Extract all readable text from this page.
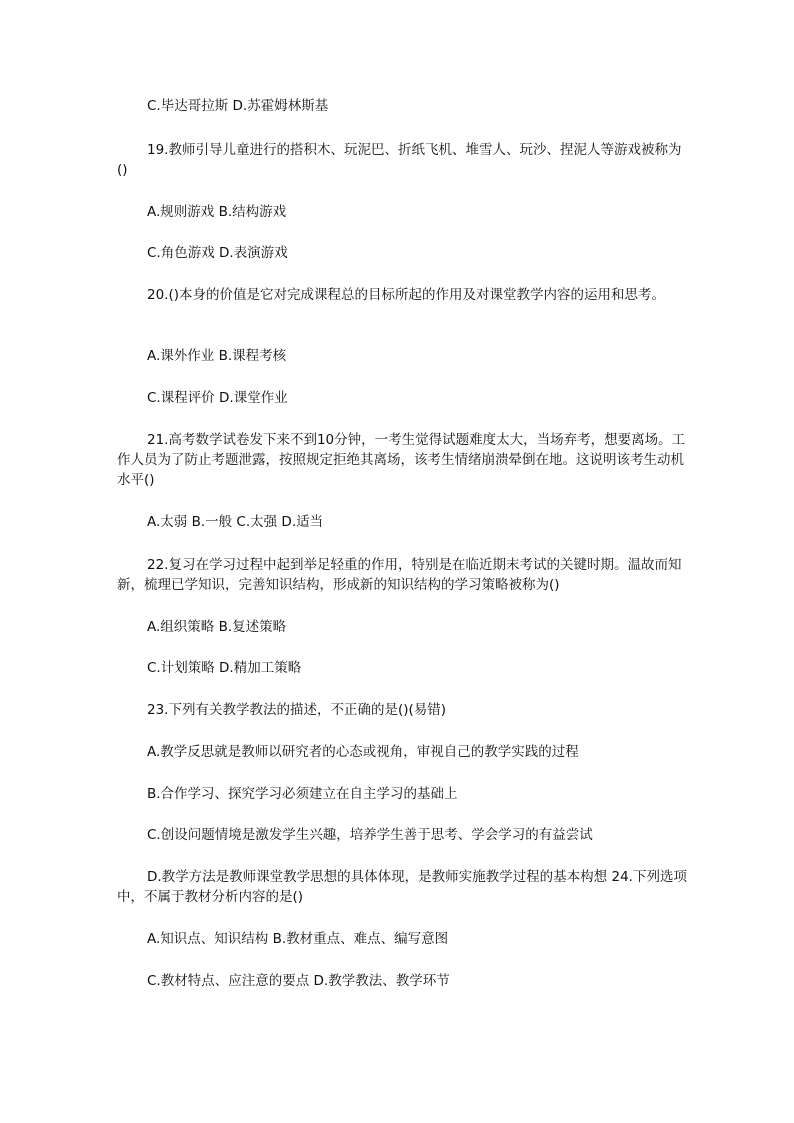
C.毕达哥拉斯 D.苏霍姆林斯基
19.教师引导儿童进行的搭积木、玩泥巴、折纸飞机、堆雪人、玩沙、捏泥人等游戏被称为()
A.规则游戏 B.结构游戏
C.角色游戏 D.表演游戏
20.()本身的价值是它对完成课程总的目标所起的作用及对课堂教学内容的运用和思考。
A.课外作业 B.课程考核
C.课程评价 D.课堂作业
21.高考数学试卷发下来不到10分钟，一考生觉得试题难度太大，当场弃考，想要离场。工作人员为了防止考题泄露，按照规定拒绝其离场，该考生情绪崩溃晕倒在地。这说明该考生动机水平()
A.太弱 B.一般 C.太强 D.适当
22.复习在学习过程中起到举足轻重的作用，特别是在临近期末考试的关键时期。温故而知新，梳理已学知识，完善知识结构，形成新的知识结构的学习策略被称为()
A.组织策略 B.复述策略
C.计划策略 D.精加工策略
23.下列有关教学教法的描述，不正确的是()(易错)
A.教学反思就是教师以研究者的心态或视角，审视自己的教学实践的过程
B.合作学习、探究学习必须建立在自主学习的基础上
C.创设问题情境是激发学生兴趣，培养学生善于思考、学会学习的有益尝试
D.教学方法是教师课堂教学思想的具体体现，是教师实施教学过程的基本构想 24.下列选项中，不属于教材分析内容的是()
A.知识点、知识结构 B.教材重点、难点、编写意图
C.教材特点、应注意的要点 D.教学教法、教学环节
